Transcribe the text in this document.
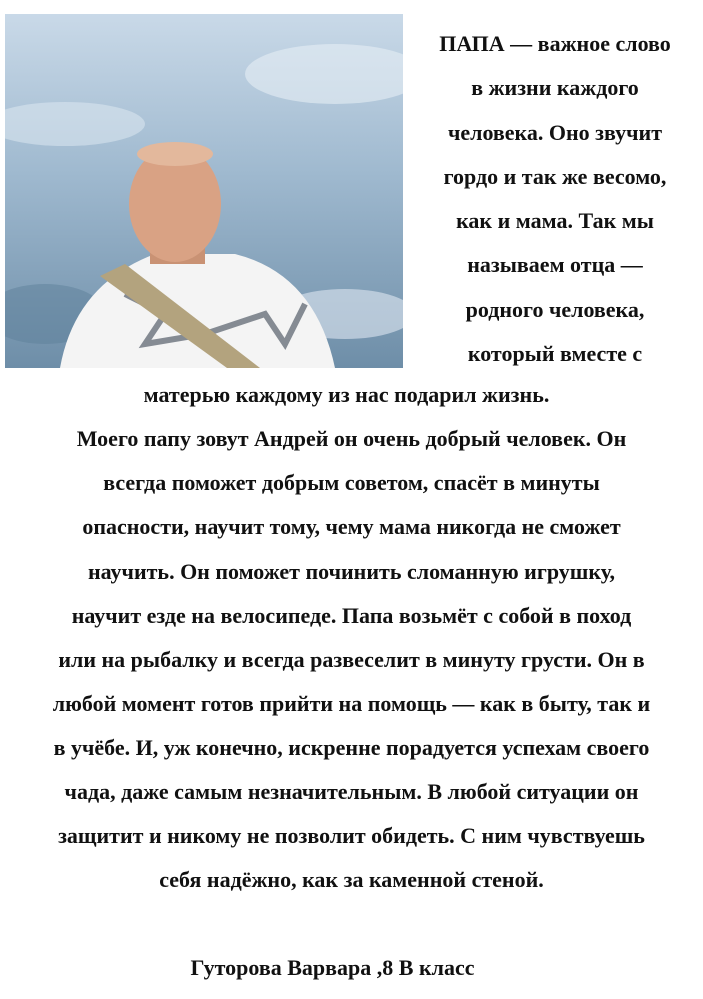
ПАПА — важное слово
в жизни каждого
человека. Оно звучит
гордо и так же весомо,
как и мама. Так мы
называем отца —
родного человека,
который вместе с
матерью каждому из нас подарил жизнь.
Моего папу зовут Андрей он очень добрый человек. Он
всегда поможет добрым советом, спасёт в минуты
опасности, научит тому, чему мама никогда не сможет
научить. Он поможет починить сломанную игрушку,
научит езде на велосипеде. Папа возьмёт с собой в поход
или на рыбалку и всегда развеселит в минуту грусти. Он в
любой момент готов прийти на помощь — как в быту, так и
в учёбе. И, уж конечно, искренне порадуется успехам своего
чада, даже самым незначительным. В любой ситуации он
защитит и никому не позволит обидеть. С ним чувствуешь
себя надёжно, как за каменной стеной.
Гуторова Варвара ,8 В класс
